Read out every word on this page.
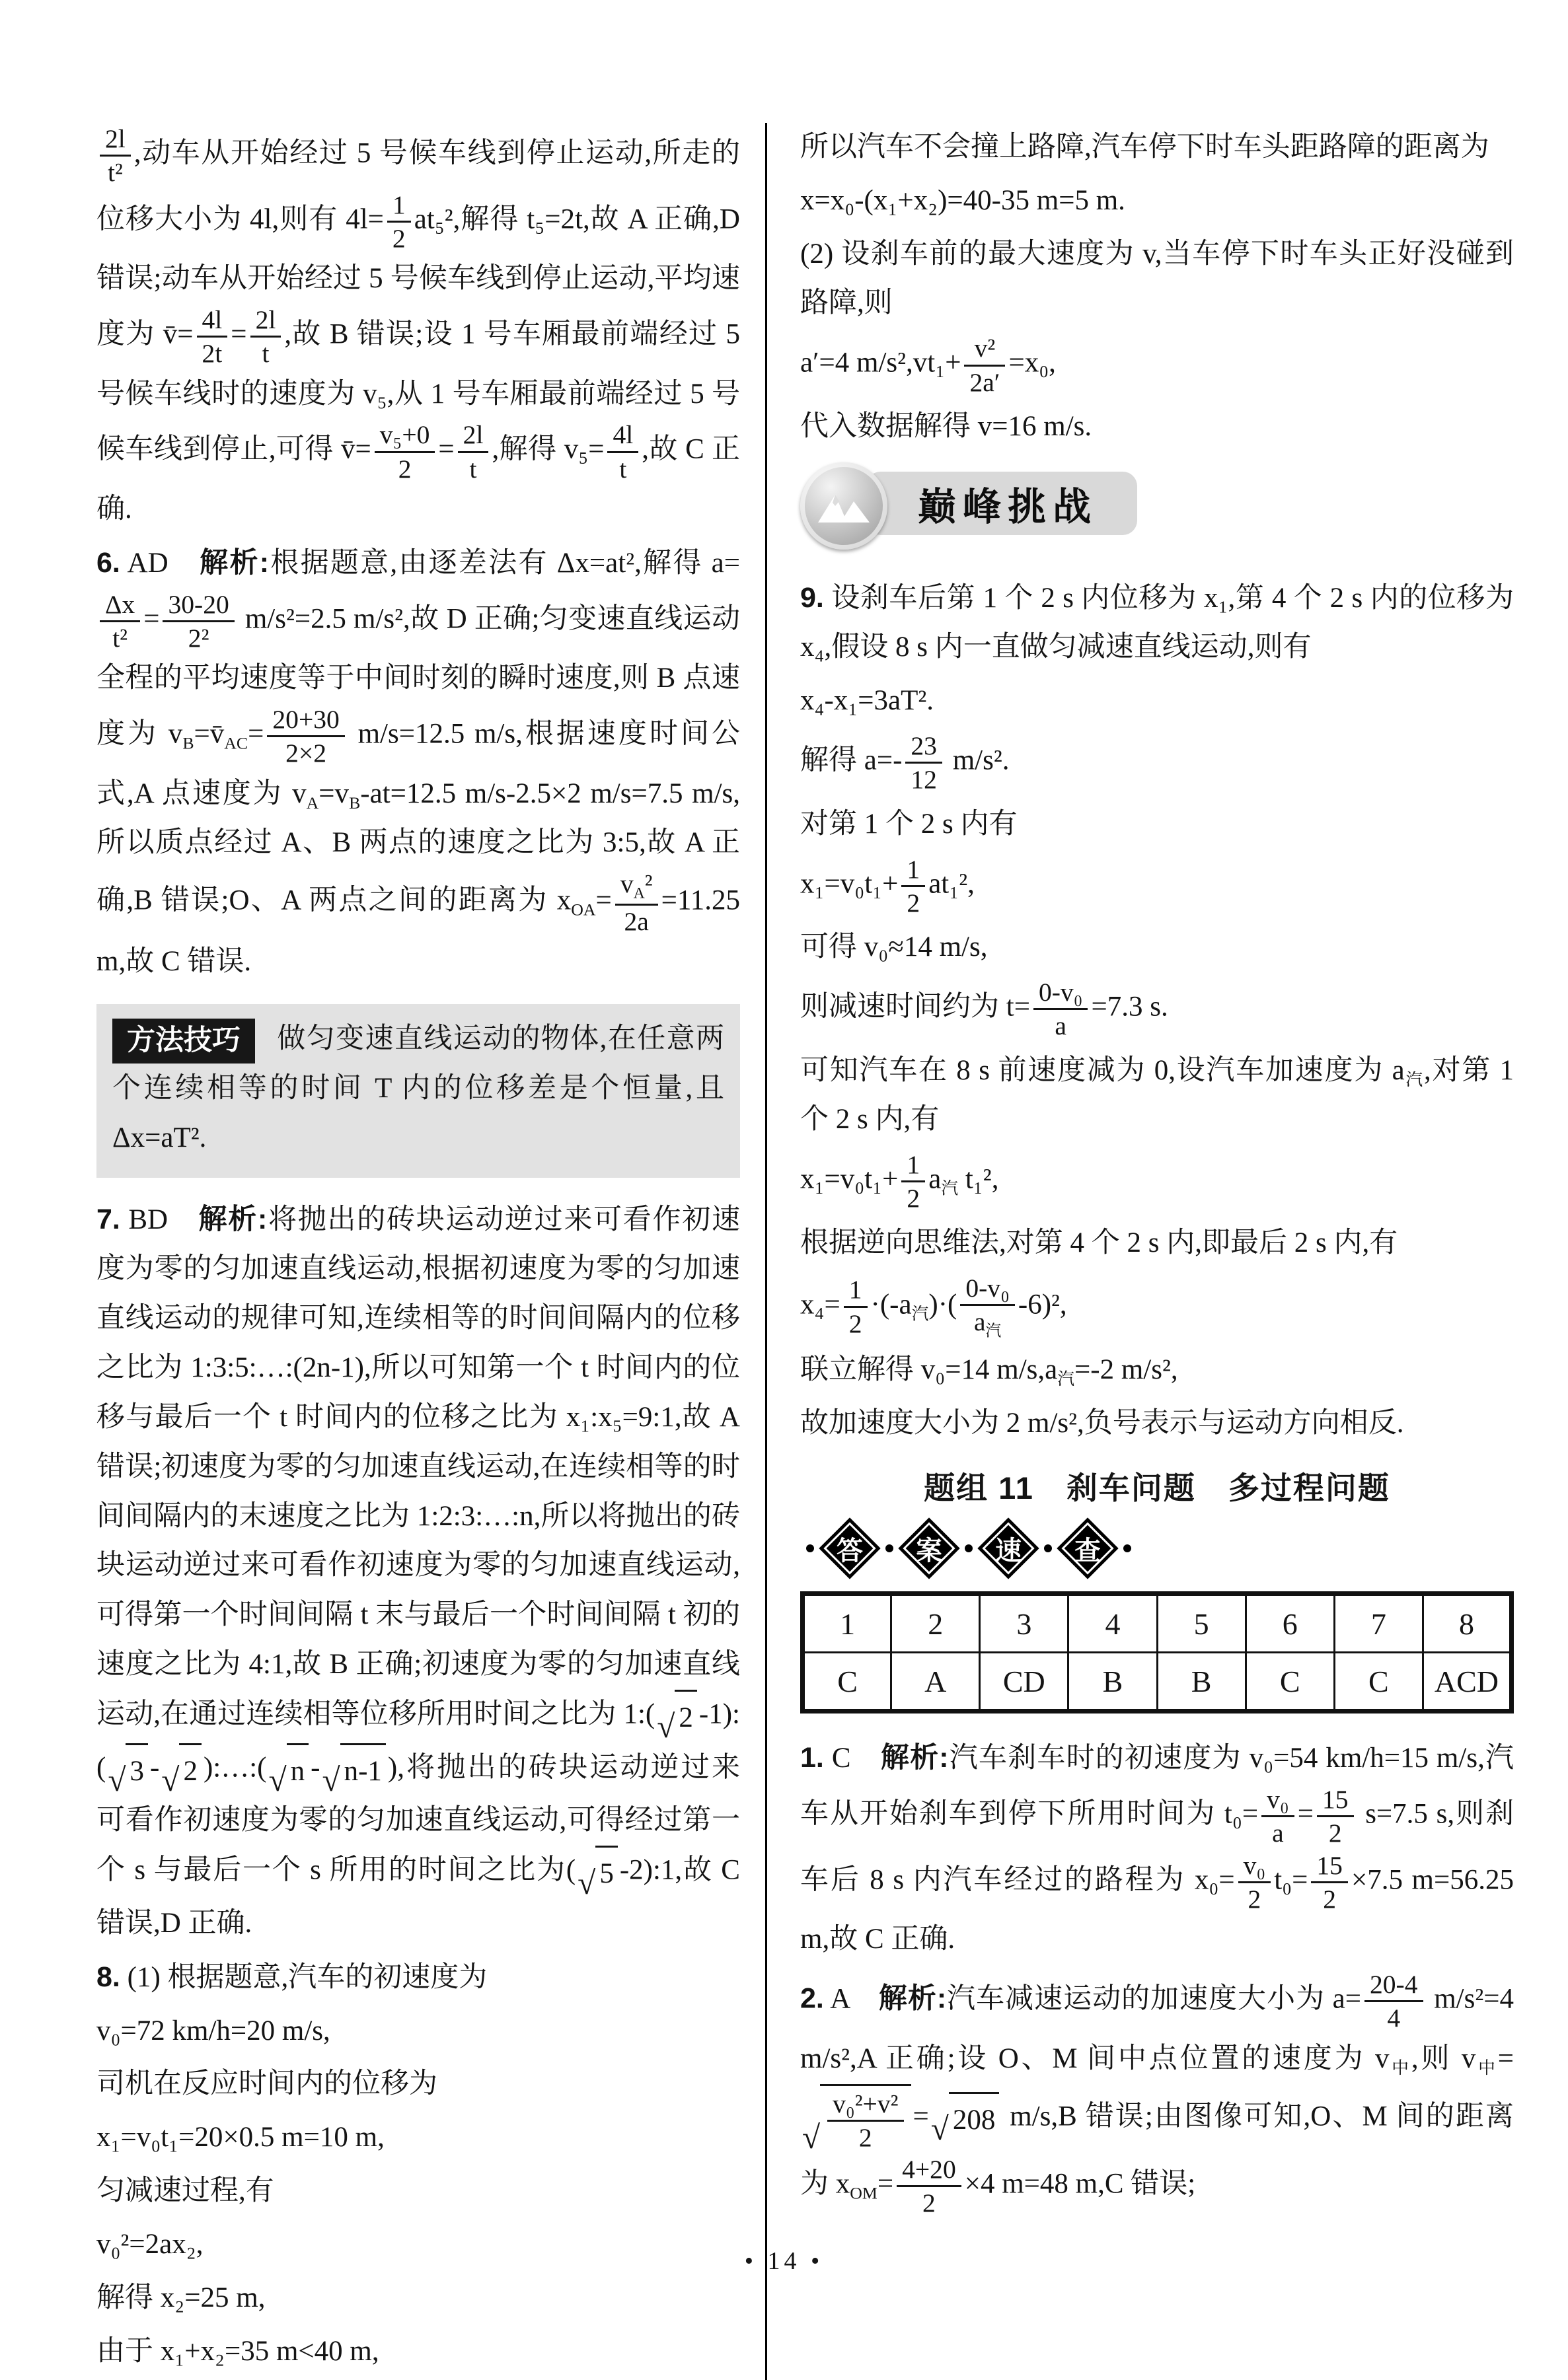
$\frac{2l}{\text{t²}}$ ,动车从开始经过 5 号候车线到停止运动,所走的位移大小为 4l,则有 $4l= \frac{1}{2} at_5^2$,解得 t₅=2t,故 A 正确,D 错误;动车从开始经过 5 号候车线到停止运动,平均速度为 v̄= $\frac{4l}{2t} = \frac{2l}{t}$ ,故 B 错误;设 1 号车厢最前端经过 5 号候车线时的速度为 v₅,从 1 号车厢最前端经过 5 号候车线到停止,可得 v̄= $\frac{\text{v₅+0}}{2} = \frac{2l}{t}$ ,解得 $v_5= \frac{4l}{t}$ ,故 C 正确.
6. AD　解析:根据题意,由逐差法有 Δx=at²,解得 a=
$\frac{\Delta x}{\text{t²}} = \frac{30-20}{\text{2²}} m/s^2=2.5$ m/s²,故 D 正确;匀变速直线运动全程的平均速度等于中间时刻的瞬时速度,则 B 点速度为 $v_B=v̄_{AC}= \frac{20+30}{2\times 2} m/s=12.5$ m/s,根据速度时间公式,A 点速度为 $v_A=v_B-at=12.5$ m/s-2.5×2 m/s=7.5 m/s,所以质点经过 A、B 两点的速度之比为 3:5,故 A 正确,B 错误;O、A 两点之间的距离为 $x_{OA}= \frac{v_A^2}{2a} =11.25$ m,故 C 错误.
方法技巧 做匀变速直线运动的物体,在任意两个连续相等的时间 T 内的位移差是个恒量,且 Δx=aT².
7. BD　解析:将抛出的砖块运动逆过来可看作初速度为零的匀加速直线运动,根据初速度为零的匀加速直线运动的规律可知,连续相等的时间间隔内的位移之比为 1:3:5:…:(2n-1),所以可知第一个 t 时间内的位移与最后一个 t 时间内的位移之比为 x₁:x₅=9:1,故 A 错误;初速度为零的匀加速直线运动,在连续相等的时间间隔内的末速度之比为 1:2:3:…:n,所以将抛出的砖块运动逆过来可看作初速度为零的匀加速直线运动,可得第一个时间间隔 t 末与最后一个时间间隔 t 初的速度之比为 4:1,故 B 正确;初速度为零的匀加速直线运动,在通过连续相等位移所用时间之比为 1:( √ 2 -1):( √ 3 - √ 2 ):…:( √ n - √ n-1 ),将抛出的砖块运动逆过来可看作初速度为零的匀加速直线运动,可得经过第一个 s 与最后一个 s 所用的时间之比为( √ 5 -2):1,故 C 错误,D 正确.
8. (1) 根据题意,汽车的初速度为
v₀=72 km/h=20 m/s,
司机在反应时间内的位移为
x₁=v₀t₁=20×0.5 m=10 m,
匀减速过程,有
v₀²=2ax₂,
解得 x₂=25 m,
由于 x₁+x₂=35 m<40 m,
所以汽车不会撞上路障,汽车停下时车头距路障的距离为
x=x₀-(x₁+x₂)=40-35 m=5 m.
(2) 设刹车前的最大速度为 v,当车停下时车头正好没碰到路障,则
a′=4 $m/s^2,vt_1+ \frac{\text{v²}}{2a'} =x_0$,
代入数据解得 v=16 m/s.
巅峰挑战
9. 设刹车后第 1 个 2 s 内位移为 x₁,第 4 个 2 s 内的位移为 x₄,假设 8 s 内一直做匀减速直线运动,则有
x₄-x₁=3aT².
解得 $a=- \frac{23}{12} m/s^2$.
对第 1 个 2 s 内有
$x_1=v_0t_1+ \frac{1}{2} at_1^2$,
可得 v₀≈14 m/s,
则减速时间约为 $t= \frac{\text{0-v₀}}{a} =7.3$ s.
可知汽车在 8 s 前速度减为 0,设汽车加速度为 $a_汽$,对第 1 个 2 s 内,有
$x_1=v_0t_1+ \frac{1}{2} a_汽$ t₁²,
根据逆向思维法,对第 4 个 2 s 内,即最后 2 s 内,有
$x_4= \frac{1}{2} \cdot(-a_汽)\cdot( \frac{\text{0-v₀}}{a_汽} -6)^2$,
联立解得 v₀=14 $m/s,a_汽=-2$ m/s²,
故加速度大小为 2 m/s²,负号表示与运动方向相反.
题组 11　刹车问题　多过程问题
答	案	速	查
1	2	3	4	5	6	7	8
C	A	CD	B	B	C	C	ACD
1. C　解析:汽车刹车时的初速度为 v₀=54 km/h=15 m/s,汽车从开始刹车到停下所用时间为 $t_0= \frac{\text{v₀}}{a} = \frac{15}{2} s=7.5$ s,则刹车后 8 s 内汽车经过的路程为 $x_0= \frac{\text{v₀}}{2} t_0= \frac{15}{2} \times 7.5$ m=56.25 m,故 C 正确.
2. A　解析:汽车减速运动的加速度大小为 $a= \frac{20-4}{4} m/s^2=4$ m/s²,A 正确;设 O、M 间中点位置的速度为 $v_中$,则 $v_中=$
√ $\frac{\text{v₀²+v²}}{2}$ = √ 208 m/s,B 错误;由图像可知,O、M 间的距离为 $x_{OM}= \frac{4+20}{2} \times 4$ m=48 m,C 错误;
• 14 •
